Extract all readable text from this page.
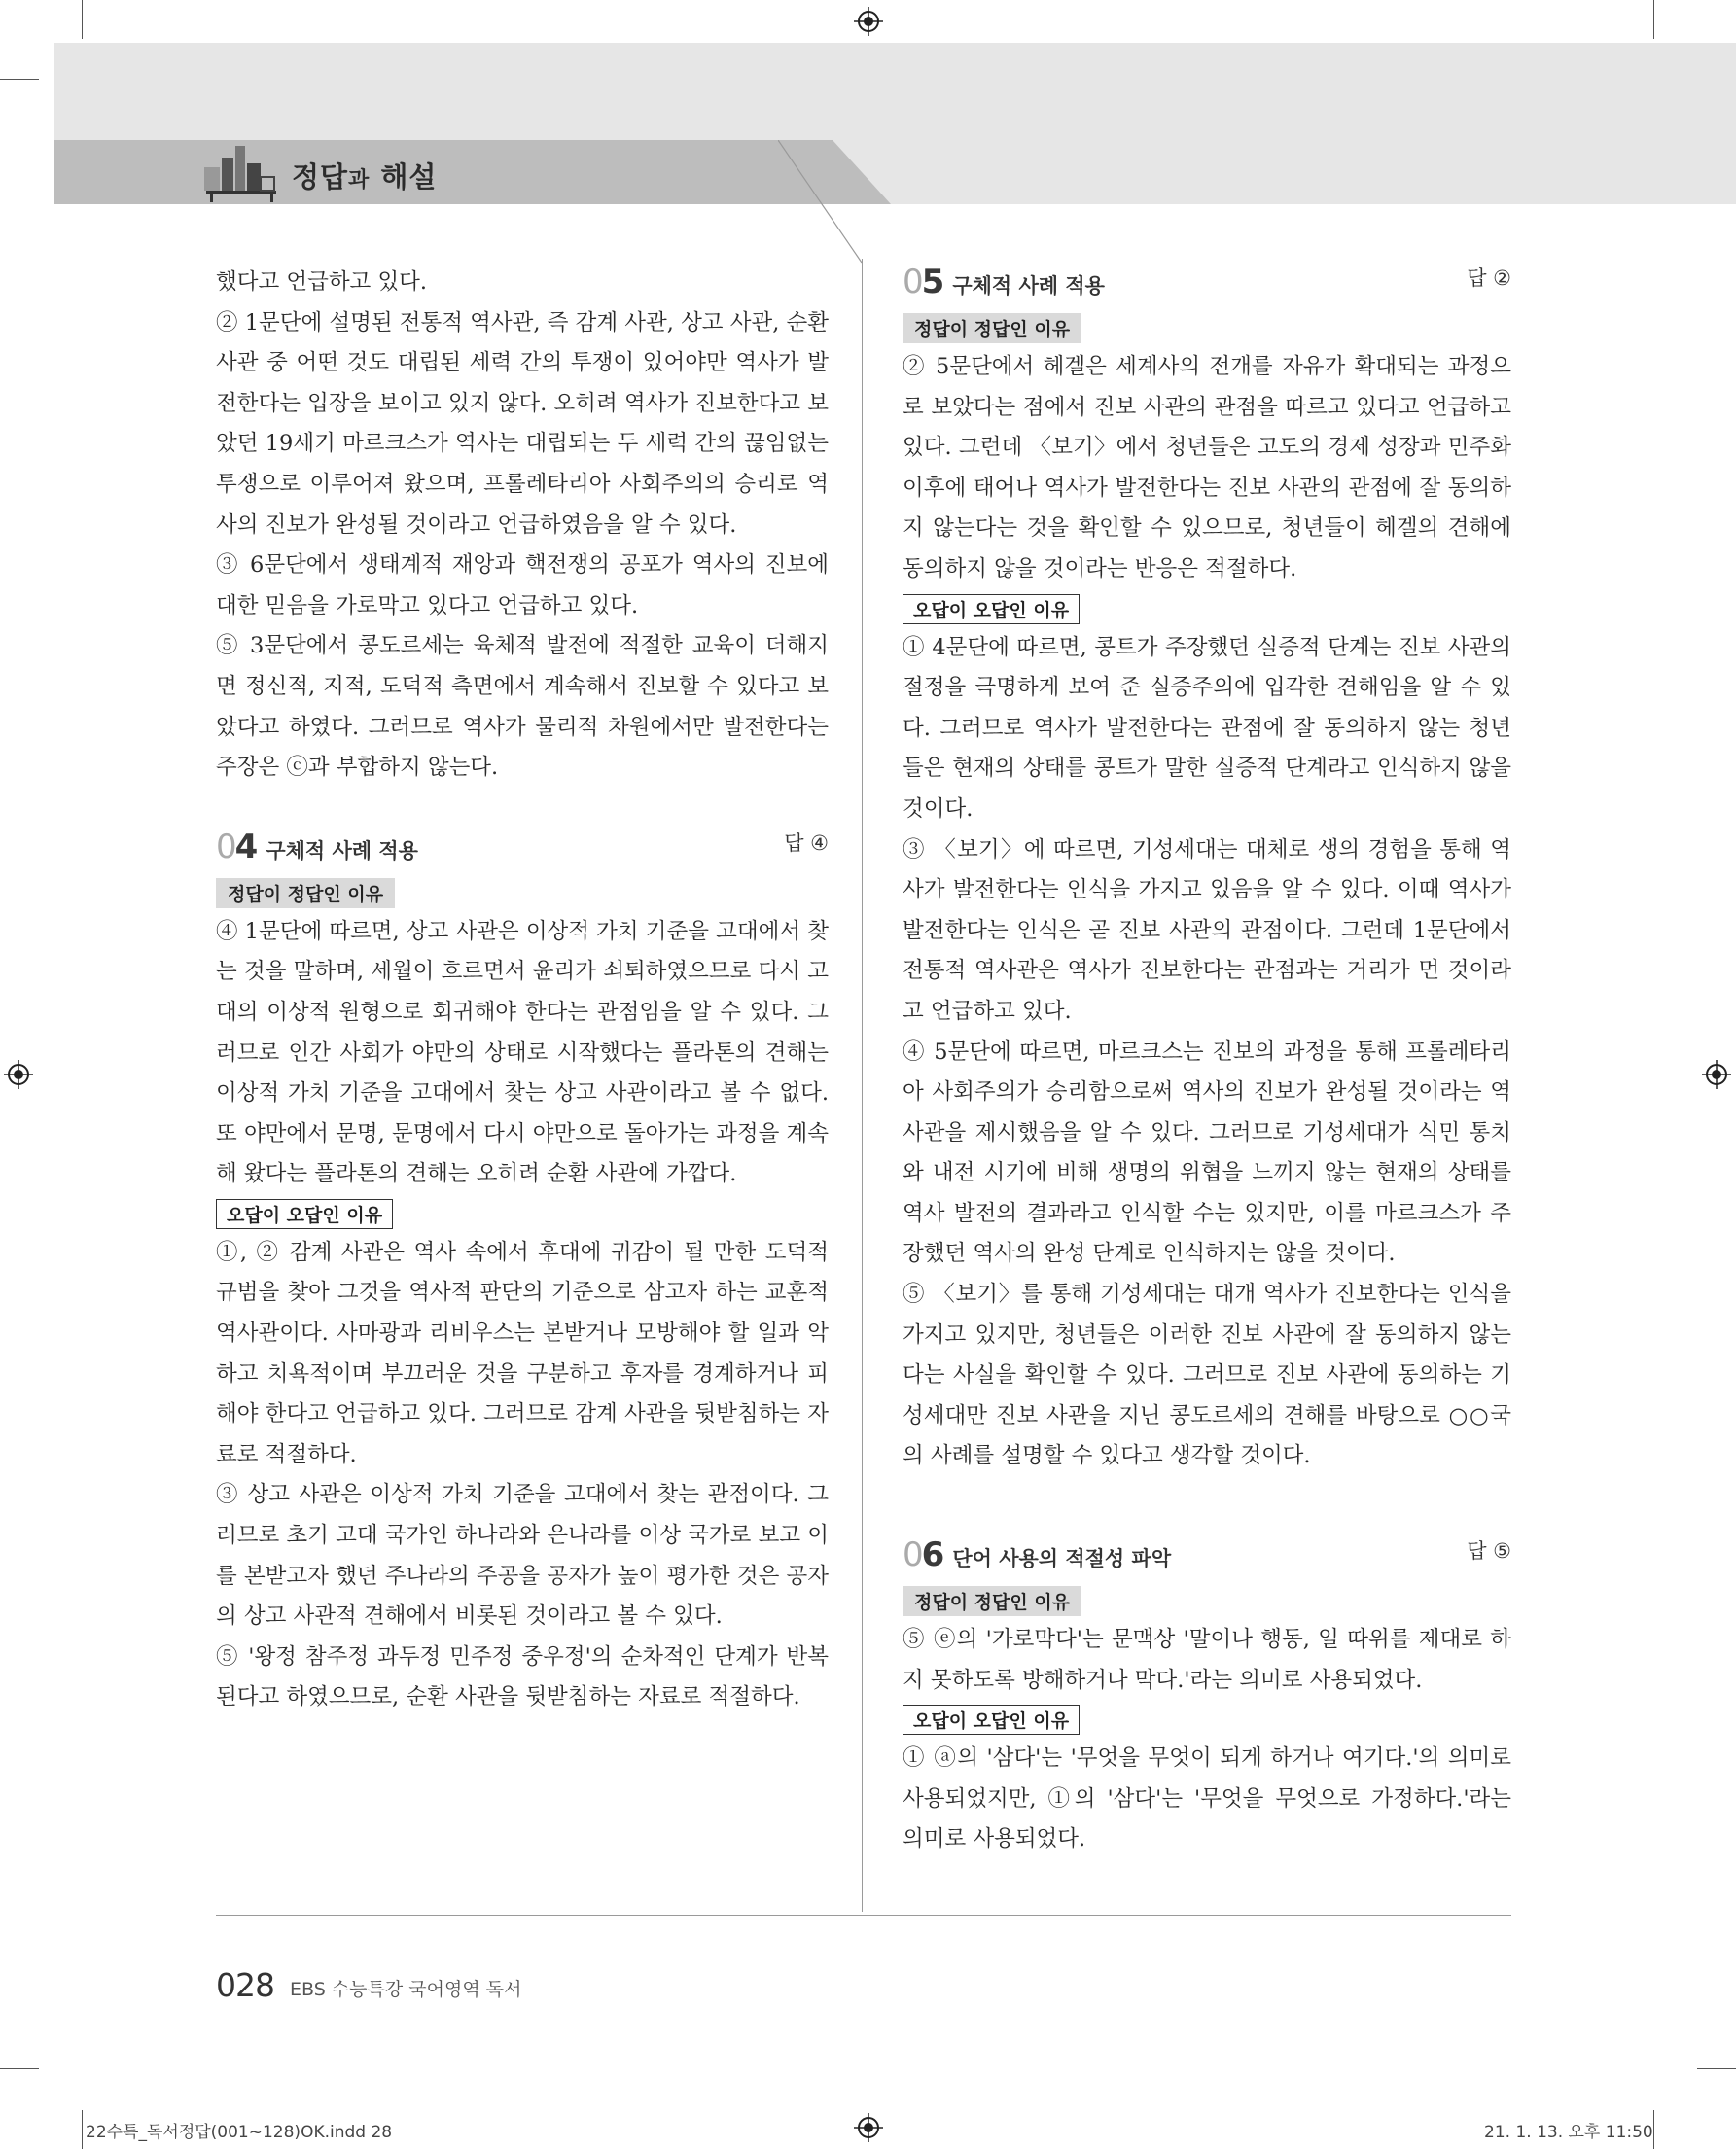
정답과 해설

했다고 언급하고 있다.

② 1문단에 설명된 전통적 역사관, 즉 감계 사관, 상고 사관, 순환 사관 중 어떤 것도 대립된 세력 간의 투쟁이 있어야만 역사가 발전한다는 입장을 보이고 있지 않다. 오히려 역사가 진보한다고 보았던 19세기 마르크스가 역사는 대립되는 두 세력 간의 끊임없는 투쟁으로 이루어져 왔으며, 프롤레타리아 사회주의의 승리로 역사의 진보가 완성될 것이라고 언급하였음을 알 수 있다.

③ 6문단에서 생태계적 재앙과 핵전쟁의 공포가 역사의 진보에 대한 믿음을 가로막고 있다고 언급하고 있다.

⑤ 3문단에서 콩도르세는 육체적 발전에 적절한 교육이 더해지면 정신적, 지적, 도덕적 측면에서 계속해서 진보할 수 있다고 보았다고 하였다. 그러므로 역사가 물리적 차원에서만 발전한다는 주장은 ⓒ과 부합하지 않는다.

04 구체적 사례 적용	답 ④
정답이 정답인 이유

④ 1문단에 따르면, 상고 사관은 이상적 가치 기준을 고대에서 찾는 것을 말하며, 세월이 흐르면서 윤리가 쇠퇴하였으므로 다시 고대의 이상적 원형으로 회귀해야 한다는 관점임을 알 수 있다. 그러므로 인간 사회가 야만의 상태로 시작했다는 플라톤의 견해는 이상적 가치 기준을 고대에서 찾는 상고 사관이라고 볼 수 없다. 또 야만에서 문명, 문명에서 다시 야만으로 돌아가는 과정을 계속해 왔다는 플라톤의 견해는 오히려 순환 사관에 가깝다.

오답이 오답인 이유

①, ② 감계 사관은 역사 속에서 후대에 귀감이 될 만한 도덕적 규범을 찾아 그것을 역사적 판단의 기준으로 삼고자 하는 교훈적 역사관이다. 사마광과 리비우스는 본받거나 모방해야 할 일과 악하고 치욕적이며 부끄러운 것을 구분하고 후자를 경계하거나 피해야 한다고 언급하고 있다. 그러므로 감계 사관을 뒷받침하는 자료로 적절하다.

③ 상고 사관은 이상적 가치 기준을 고대에서 찾는 관점이다. 그러므로 초기 고대 국가인 하나라와 은나라를 이상 국가로 보고 이를 본받고자 했던 주나라의 주공을 공자가 높이 평가한 것은 공자의 상고 사관적 견해에서 비롯된 것이라고 볼 수 있다.

⑤ '왕정 참주정 과두정 민주정 중우정'의 순차적인 단계가 반복된다고 하였으므로, 순환 사관을 뒷받침하는 자료로 적절하다.

05 구체적 사례 적용	답 ②
정답이 정답인 이유

② 5문단에서 헤겔은 세계사의 전개를 자유가 확대되는 과정으로 보았다는 점에서 진보 사관의 관점을 따르고 있다고 언급하고 있다. 그런데 〈보기〉에서 청년들은 고도의 경제 성장과 민주화 이후에 태어나 역사가 발전한다는 진보 사관의 관점에 잘 동의하지 않는다는 것을 확인할 수 있으므로, 청년들이 헤겔의 견해에 동의하지 않을 것이라는 반응은 적절하다.

오답이 오답인 이유

① 4문단에 따르면, 콩트가 주장했던 실증적 단계는 진보 사관의 절정을 극명하게 보여 준 실증주의에 입각한 견해임을 알 수 있다. 그러므로 역사가 발전한다는 관점에 잘 동의하지 않는 청년들은 현재의 상태를 콩트가 말한 실증적 단계라고 인식하지 않을 것이다.

③ 〈보기〉에 따르면, 기성세대는 대체로 생의 경험을 통해 역사가 발전한다는 인식을 가지고 있음을 알 수 있다. 이때 역사가 발전한다는 인식은 곧 진보 사관의 관점이다. 그런데 1문단에서 전통적 역사관은 역사가 진보한다는 관점과는 거리가 먼 것이라고 언급하고 있다.

④ 5문단에 따르면, 마르크스는 진보의 과정을 통해 프롤레타리아 사회주의가 승리함으로써 역사의 진보가 완성될 것이라는 역사관을 제시했음을 알 수 있다. 그러므로 기성세대가 식민 통치와 내전 시기에 비해 생명의 위협을 느끼지 않는 현재의 상태를 역사 발전의 결과라고 인식할 수는 있지만, 이를 마르크스가 주장했던 역사의 완성 단계로 인식하지는 않을 것이다.

⑤ 〈보기〉를 통해 기성세대는 대개 역사가 진보한다는 인식을 가지고 있지만, 청년들은 이러한 진보 사관에 잘 동의하지 않는다는 사실을 확인할 수 있다. 그러므로 진보 사관에 동의하는 기성세대만 진보 사관을 지닌 콩도르세의 견해를 바탕으로 ○○국의 사례를 설명할 수 있다고 생각할 것이다.

06 단어 사용의 적절성 파악	답 ⑤
정답이 정답인 이유

⑤ ⓔ의 '가로막다'는 문맥상 '말이나 행동, 일 따위를 제대로 하지 못하도록 방해하거나 막다.'라는 의미로 사용되었다.

오답이 오답인 이유

① ⓐ의 '삼다'는 '무엇을 무엇이 되게 하거나 여기다.'의 의미로 사용되었지만, ①의 '삼다'는 '무엇을 무엇으로 가정하다.'라는 의미로 사용되었다.

028 EBS 수능특강 국어영역 독서
22수특_독서정답(001~128)OK.indd 28	21. 1. 13. 오후 11:50
